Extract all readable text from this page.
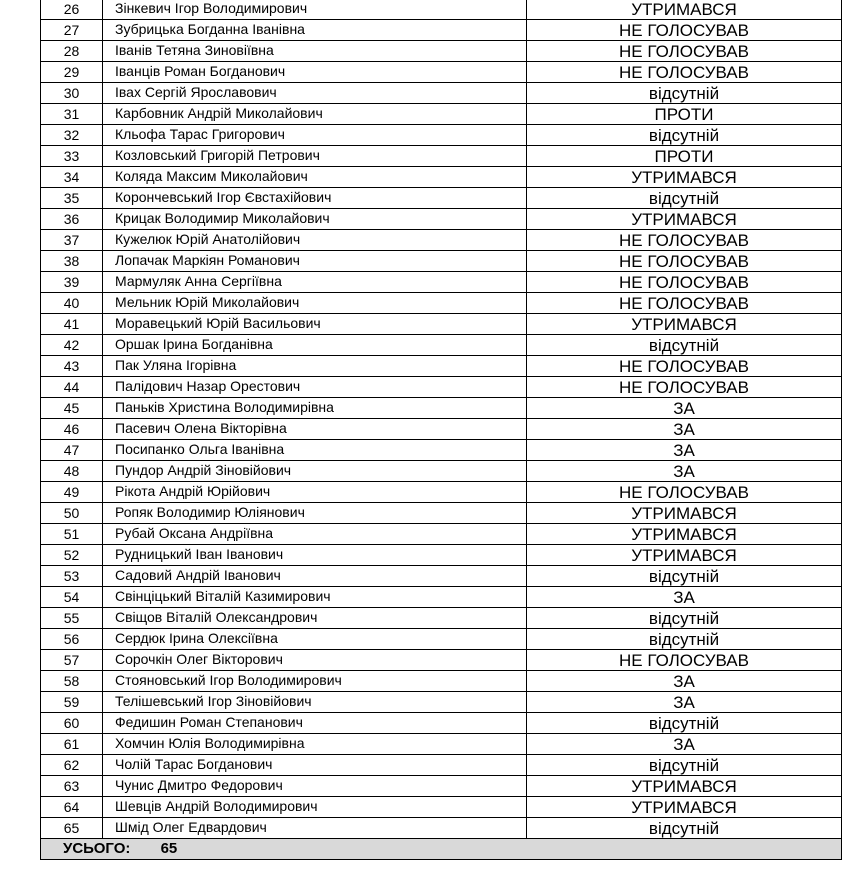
26	Зінкевич Ігор Володимирович	УТРИМАВСЯ
27	Зубрицька Богданна Іванівна	НЕ ГОЛОСУВАВ
28	Іванів Тетяна Зиновіївна	НЕ ГОЛОСУВАВ
29	Іванців Роман Богданович	НЕ ГОЛОСУВАВ
30	Івах Сергій Ярославович	відсутній
31	Карбовник Андрій Миколайович	ПРОТИ
32	Кльофа Тарас Григорович	відсутній
33	Козловський Григорій Петрович	ПРОТИ
34	Коляда Максим Миколайович	УТРИМАВСЯ
35	Корончевський Ігор Євстахійович	відсутній
36	Крицак Володимир Миколайович	УТРИМАВСЯ
37	Кужелюк Юрій Анатолійович	НЕ ГОЛОСУВАВ
38	Лопачак Маркіян Романович	НЕ ГОЛОСУВАВ
39	Мармуляк Анна Сергіївна	НЕ ГОЛОСУВАВ
40	Мельник Юрій Миколайович	НЕ ГОЛОСУВАВ
41	Моравецький Юрій Васильович	УТРИМАВСЯ
42	Оршак Ірина Богданівна	відсутній
43	Пак Уляна Ігорівна	НЕ ГОЛОСУВАВ
44	Палідович Назар Орестович	НЕ ГОЛОСУВАВ
45	Паньків Христина Володимирівна	ЗА
46	Пасевич Олена Вікторівна	ЗА
47	Посипанко Ольга Іванівна	ЗА
48	Пундор Андрій Зіновійович	ЗА
49	Рікота Андрій Юрійович	НЕ ГОЛОСУВАВ
50	Ропяк Володимир Юліянович	УТРИМАВСЯ
51	Рубай Оксана Андріївна	УТРИМАВСЯ
52	Рудницький Іван Іванович	УТРИМАВСЯ
53	Садовий Андрій Іванович	відсутній
54	Свінціцький Віталій Казимирович	ЗА
55	Свіщов Віталій Олександрович	відсутній
56	Сердюк Ірина Олексіївна	відсутній
57	Сорочкін Олег Вікторович	НЕ ГОЛОСУВАВ
58	Стояновський Ігор Володимирович	ЗА
59	Телішевський Ігор Зіновійович	ЗА
60	Федишин Роман Степанович	відсутній
61	Хомчин Юлія Володимирівна	ЗА
62	Чолій Тарас Богданович	відсутній
63	Чунис Дмитро Федорович	УТРИМАВСЯ
64	Шевців Андрій Володимирович	УТРИМАВСЯ
65	Шмід Олег Едвардович	відсутній
УСЬОГО: 65		
